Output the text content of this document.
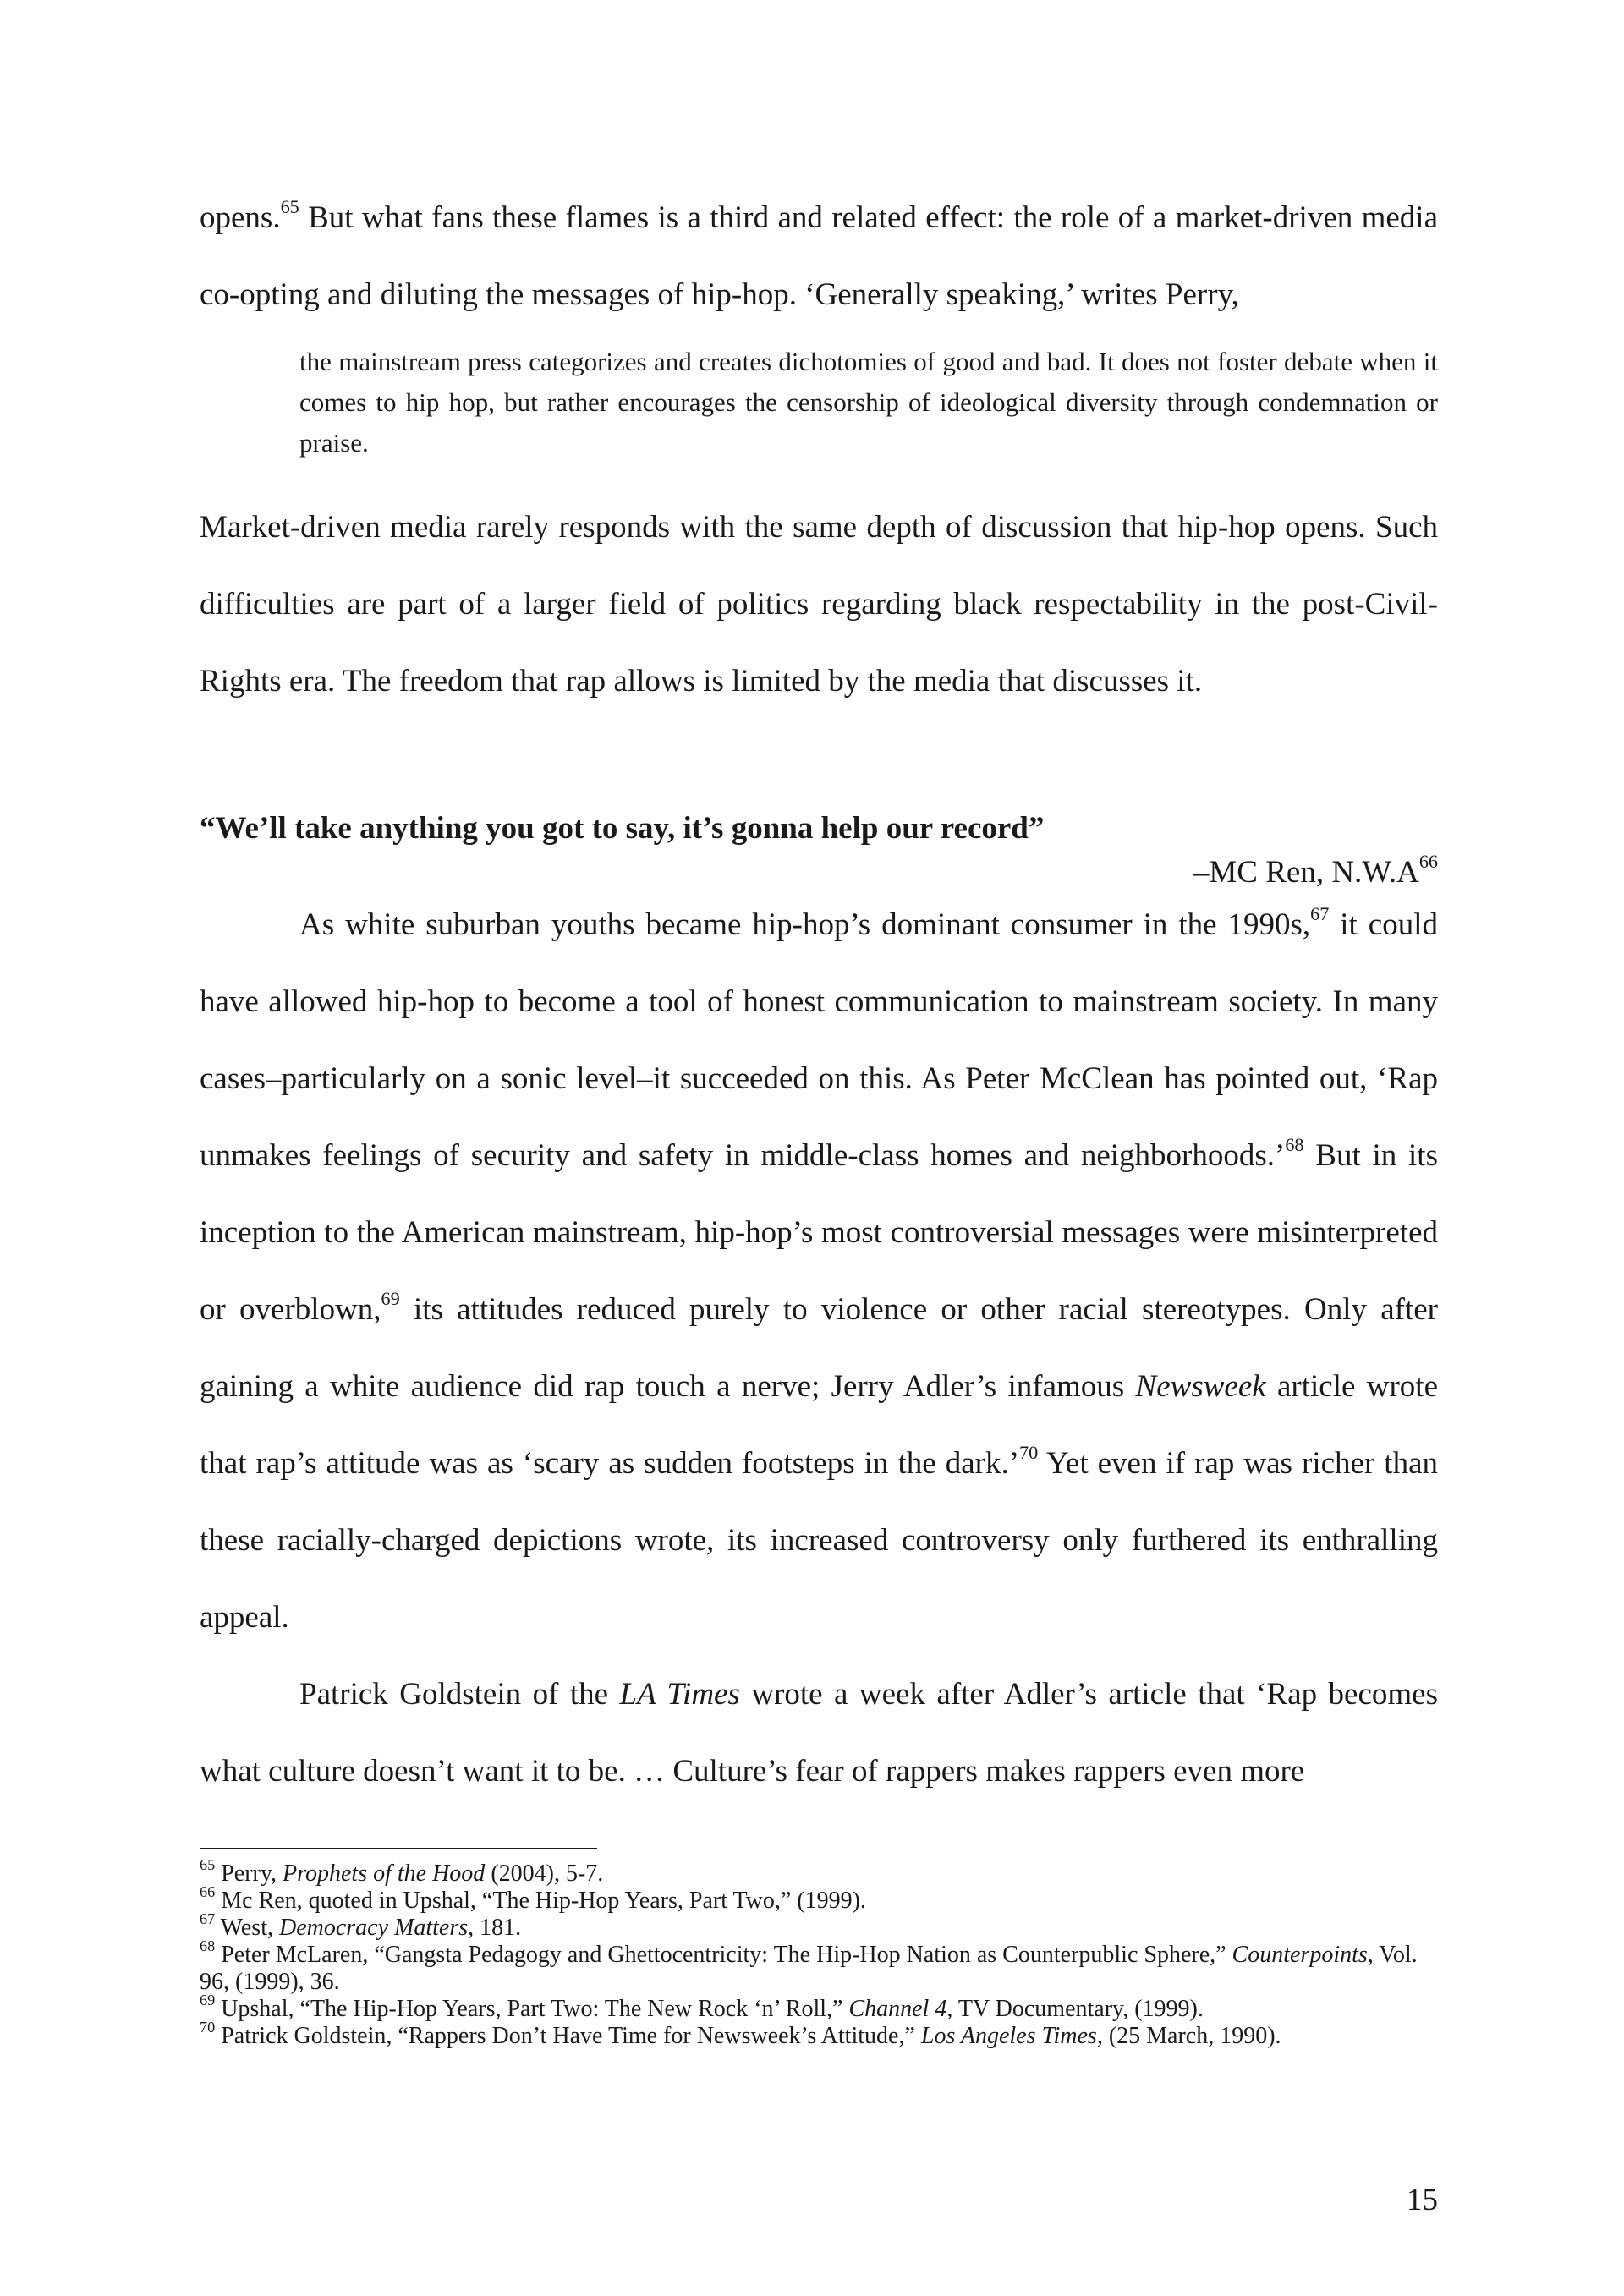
opens.$^{65}$ But what fans these flames is a third and related effect: the role of a market-driven media co-opting and diluting the messages of hip-hop. ‘Generally speaking,’ writes Perry,

the mainstream press categorizes and creates dichotomies of good and bad. It does not foster debate when it comes to hip hop, but rather encourages the censorship of ideological diversity through condemnation or praise.

Market-driven media rarely responds with the same depth of discussion that hip-hop opens. Such difficulties are part of a larger field of politics regarding black respectability in the post-Civil-Rights era. The freedom that rap allows is limited by the media that discusses it.

“We’ll take anything you got to say, it’s gonna help our record”

–MC Ren, $N.W.A^{66}$

As white suburban youths became hip-hop’s dominant consumer in the 1990s,$^{67}$ it could have allowed hip-hop to become a tool of honest communication to mainstream society. In many cases–particularly on a sonic level–it succeeded on this. As Peter McClean has pointed out, ‘Rap unmakes feelings of security and safety in middle-class homes and neighborhoods.’$^{68}$ But in its inception to the American mainstream, hip-hop’s most controversial messages were misinterpreted or overblown,$^{69}$ its attitudes reduced purely to violence or other racial stereotypes. Only after gaining a white audience did rap touch a nerve; Jerry Adler’s infamous Newsweek article wrote that rap’s attitude was as ‘scary as sudden footsteps in the dark.’$^{70}$ Yet even if rap was richer than these racially-charged depictions wrote, its increased controversy only furthered its enthralling appeal.

Patrick Goldstein of the LA Times wrote a week after Adler’s article that ‘Rap becomes what culture doesn’t want it to be. … Culture’s fear of rappers makes rappers even more

$^{65}$ Perry, Prophets of the Hood (2004), 5-7.

$^{66}$ Mc Ren, quoted in Upshal, “The Hip-Hop Years, Part Two,” (1999).

$^{67}$ West, Democracy Matters, 181.

$^{68}$ Peter McLaren, “Gangsta Pedagogy and Ghettocentricity: The Hip-Hop Nation as Counterpublic Sphere,” Counterpoints, Vol. 96, (1999), 36.

$^{69}$ Upshal, “The Hip-Hop Years, Part Two: The New Rock ‘n’ Roll,” Channel 4, TV Documentary, (1999).

$^{70}$ Patrick Goldstein, “Rappers Don’t Have Time for Newsweek’s Attitude,” Los Angeles Times, (25 March, 1990).

15
